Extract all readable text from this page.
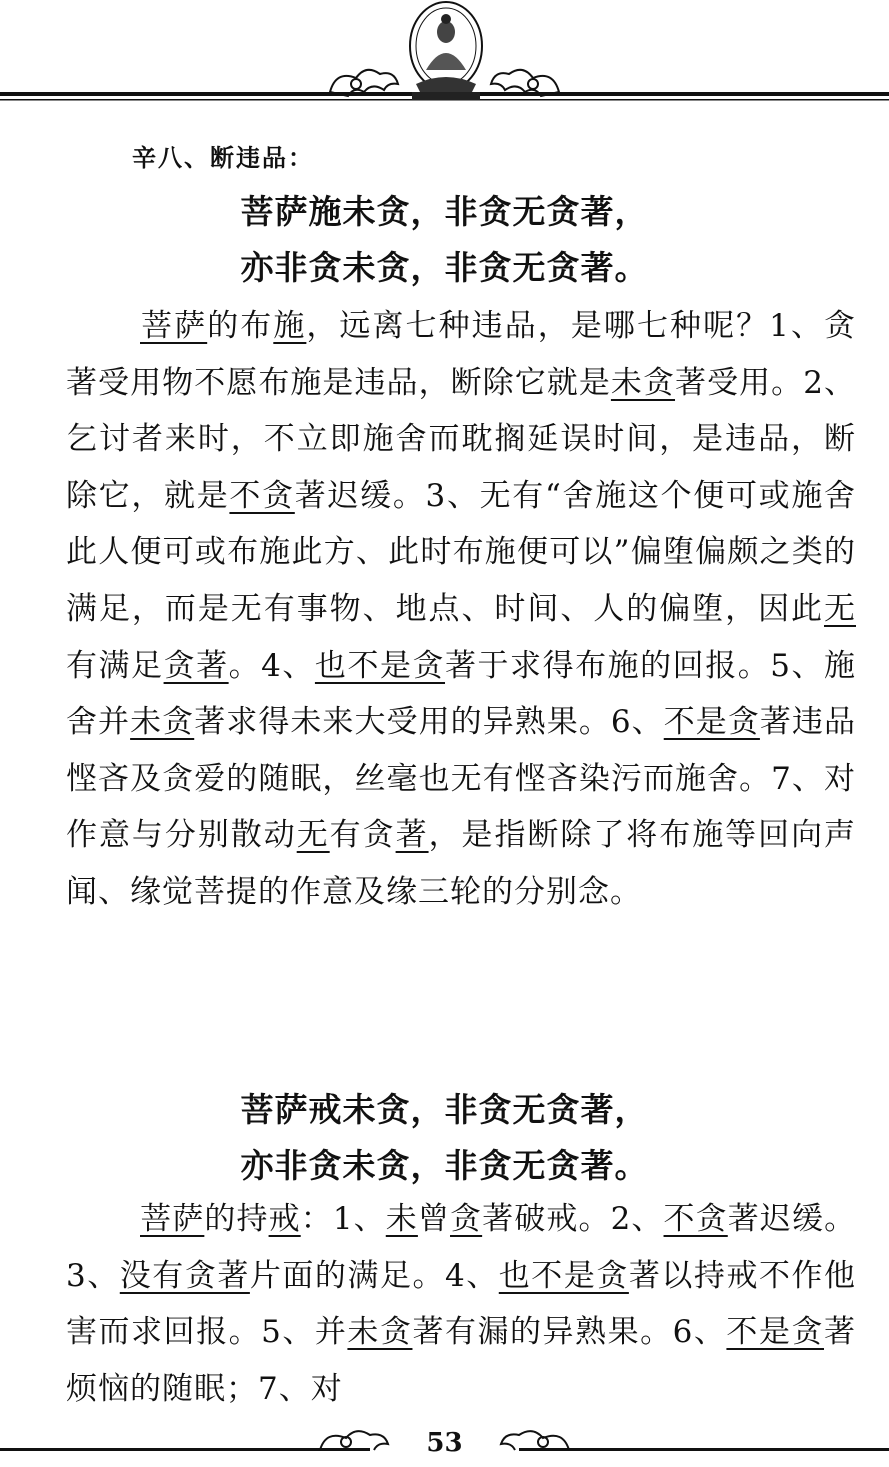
辛八、断违品：
菩萨施未贪，非贪无贪著，
亦非贪未贪，非贪无贪著。
菩萨的布施，远离七种违品，是哪七种呢？1、贪著受用物不愿布施是违品，断除它就是未贪著受用。2、乞讨者来时，不立即施舍而耽搁延误时间，是违品，断除它，就是不贪著迟缓。3、无有“舍施这个便可或施舍此人便可或布施此方、此时布施便可以”偏堕偏颇之类的满足，而是无有事物、地点、时间、人的偏堕，因此无有满足贪著。4、也不是贪著于求得布施的回报。5、施舍并未贪著求得未来大受用的异熟果。6、不是贪著违品悭吝及贪爱的随眠，丝毫也无有悭吝染污而施舍。7、对作意与分别散动无有贪著，是指断除了将布施等回向声闻、缘觉菩提的作意及缘三轮的分别念。
菩萨戒未贪，非贪无贪著，
亦非贪未贪，非贪无贪著。
菩萨的持戒：1、未曾贪著破戒。2、不贪著迟缓。3、没有贪著片面的满足。4、也不是贪著以持戒不作他害而求回报。5、并未贪著有漏的异熟果。6、不是贪著烦恼的随眠；7、对
53
